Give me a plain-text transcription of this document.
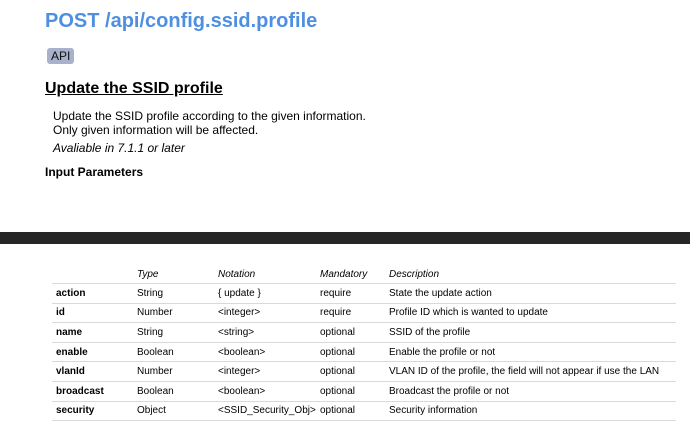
POST /api/config.ssid.profile
API
Update the SSID profile
Update the SSID profile according to the given information.
Only given information will be affected.
Avaliable in 7.1.1 or later
Input Parameters
	Type	Notation	Mandatory	Description
action	String	{ update }	require	State the update action
id	Number	<integer>	require	Profile ID which is wanted to update
name	String	<string>	optional	SSID of the profile
enable	Boolean	<boolean>	optional	Enable the profile or not
vlanId	Number	<integer>	optional	VLAN ID of the profile, the field will not appear if use the LAN
broadcast	Boolean	<boolean>	optional	Broadcast the profile or not
security	Object	<SSID_Security_Obj>	optional	Security information
